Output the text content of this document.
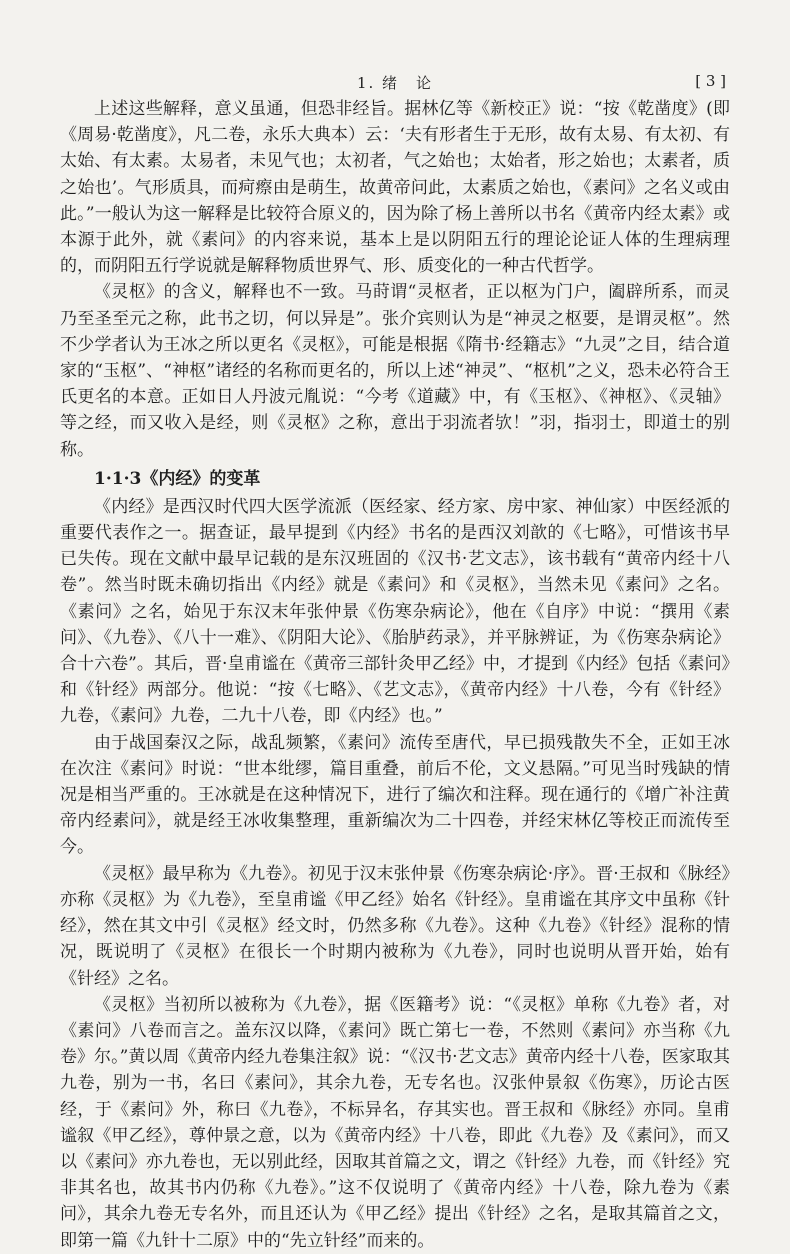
1. 绪　论	[ 3 ]

上述这些解释，意义虽通，但恐非经旨。据林亿等《新校正》说：“按《乾凿度》(即《周易·乾凿度》，凡二卷，永乐大典本）云：‘夫有形者生于无形，故有太易、有太初、有太始、有太素。太易者，未见气也；太初者，气之始也；太始者，形之始也；太素者，质之始也’。气形质具，而疴瘵由是萌生，故黄帝问此，太素质之始也，《素问》之名义或由此。”一般认为这一解释是比较符合原义的，因为除了杨上善所以书名《黄帝内经太素》或本源于此外，就《素问》的内容来说，基本上是以阴阳五行的理论论证人体的生理病理的，而阴阳五行学说就是解释物质世界气、形、质变化的一种古代哲学。

《灵枢》的含义，解释也不一致。马莳谓“灵枢者，正以枢为门户，阖辟所系，而灵乃至圣至元之称，此书之切，何以异是”。张介宾则认为是“神灵之枢要，是谓灵枢”。然不少学者认为王冰之所以更名《灵枢》，可能是根据《隋书·经籍志》“九灵”之目，结合道家的“玉枢”、“神枢”诸经的名称而更名的，所以上述“神灵”、“枢机”之义，恐未必符合王氏更名的本意。正如日人丹波元胤说：“今考《道藏》中，有《玉枢》、《神枢》、《灵轴》等之经，而又收入是经，则《灵枢》之称，意出于羽流者欤！”羽，指羽士，即道士的别称。

1·1·3《内经》的变革

《内经》是西汉时代四大医学流派（医经家、经方家、房中家、神仙家）中医经派的重要代表作之一。据查证，最早提到《内经》书名的是西汉刘歆的《七略》，可惜该书早已失传。现在文献中最早记载的是东汉班固的《汉书·艺文志》，该书载有“黄帝内经十八卷”。然当时既未确切指出《内经》就是《素问》和《灵枢》，当然未见《素问》之名。《素问》之名，始见于东汉末年张仲景《伤寒杂病论》，他在《自序》中说：“撰用《素问》、《九卷》、《八十一难》、《阴阳大论》、《胎胪药录》，并平脉辨证，为《伤寒杂病论》合十六卷”。其后，晋·皇甫谧在《黄帝三部针灸甲乙经》中，才提到《内经》包括《素问》和《针经》两部分。他说：“按《七略》、《艺文志》，《黄帝内经》十八卷，今有《针经》九卷，《素问》九卷，二九十八卷，即《内经》也。”

由于战国秦汉之际，战乱频繁，《素问》流传至唐代，早已损残散失不全，正如王冰在次注《素问》时说：“世本纰缪，篇目重叠，前后不伦，文义悬隔。”可见当时残缺的情况是相当严重的。王冰就是在这种情况下，进行了编次和注释。现在通行的《增广补注黄帝内经素问》，就是经王冰收集整理，重新编次为二十四卷，并经宋林亿等校正而流传至今。

《灵枢》最早称为《九卷》。初见于汉末张仲景《伤寒杂病论·序》。晋·王叔和《脉经》亦称《灵枢》为《九卷》，至皇甫谧《甲乙经》始名《针经》。皇甫谧在其序文中虽称《针经》，然在其文中引《灵枢》经文时，仍然多称《九卷》。这种《九卷》《针经》混称的情况，既说明了《灵枢》在很长一个时期内被称为《九卷》，同时也说明从晋开始，始有《针经》之名。

《灵枢》当初所以被称为《九卷》，据《医籍考》说：“《灵枢》单称《九卷》者，对《素问》八卷而言之。盖东汉以降，《素问》既亡第七一卷，不然则《素问》亦当称《九卷》尔。”黄以周《黄帝内经九卷集注叙》说：“《汉书·艺文志》黄帝内经十八卷，医家取其九卷，别为一书，名曰《素问》，其余九卷，无专名也。汉张仲景叙《伤寒》，历论古医经，于《素问》外，称曰《九卷》，不标异名，存其实也。晋王叔和《脉经》亦同。皇甫谧叙《甲乙经》，尊仲景之意，以为《黄帝内经》十八卷，即此《九卷》及《素问》，而又以《素问》亦九卷也，无以别此经，因取其首篇之文，谓之《针经》九卷，而《针经》究非其名也，故其书内仍称《九卷》。”这不仅说明了《黄帝内经》十八卷，除九卷为《素问》，其余九卷无专名外，而且还认为《甲乙经》提出《针经》之名，是取其篇首之文，即第一篇《九针十二原》中的“先立针经”而来的。
